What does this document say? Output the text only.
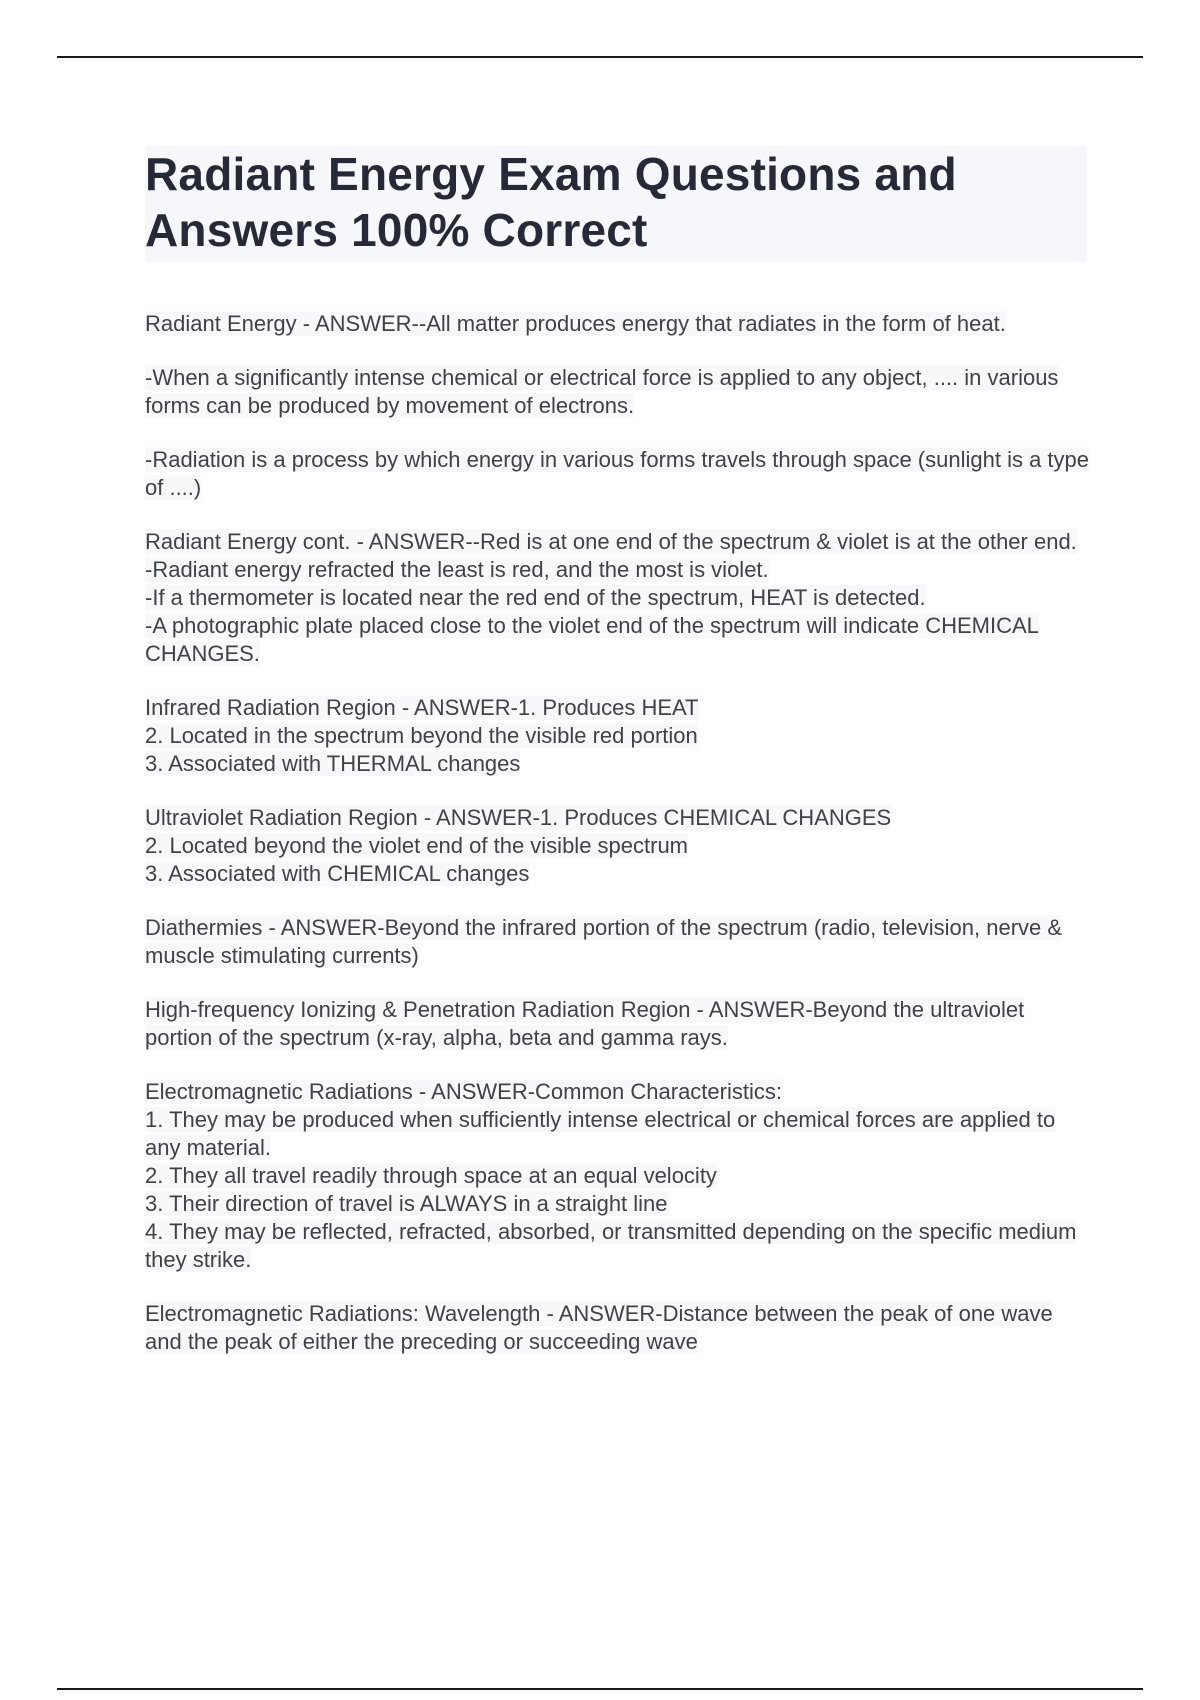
Radiant Energy Exam Questions and
Answers 100% Correct
Radiant Energy - ANSWER--All matter produces energy that radiates in the form of heat.
-When a significantly intense chemical or electrical force is applied to any object, .... in various forms can be produced by movement of electrons.
-Radiation is a process by which energy in various forms travels through space (sunlight is a type of ....)
Radiant Energy cont. - ANSWER--Red is at one end of the spectrum & violet is at the other end.
-Radiant energy refracted the least is red, and the most is violet.
-If a thermometer is located near the red end of the spectrum, HEAT is detected.
-A photographic plate placed close to the violet end of the spectrum will indicate CHEMICAL CHANGES.
Infrared Radiation Region - ANSWER-1. Produces HEAT
2. Located in the spectrum beyond the visible red portion
3. Associated with THERMAL changes
Ultraviolet Radiation Region - ANSWER-1. Produces CHEMICAL CHANGES
2. Located beyond the violet end of the visible spectrum
3. Associated with CHEMICAL changes
Diathermies - ANSWER-Beyond the infrared portion of the spectrum (radio, television, nerve & muscle stimulating currents)
High-frequency Ionizing & Penetration Radiation Region - ANSWER-Beyond the ultraviolet portion of the spectrum (x-ray, alpha, beta and gamma rays.
Electromagnetic Radiations - ANSWER-Common Characteristics:
1. They may be produced when sufficiently intense electrical or chemical forces are applied to any material.
2. They all travel readily through space at an equal velocity
3. Their direction of travel is ALWAYS in a straight line
4. They may be reflected, refracted, absorbed, or transmitted depending on the specific medium they strike.
Electromagnetic Radiations: Wavelength - ANSWER-Distance between the peak of one wave and the peak of either the preceding or succeeding wave
